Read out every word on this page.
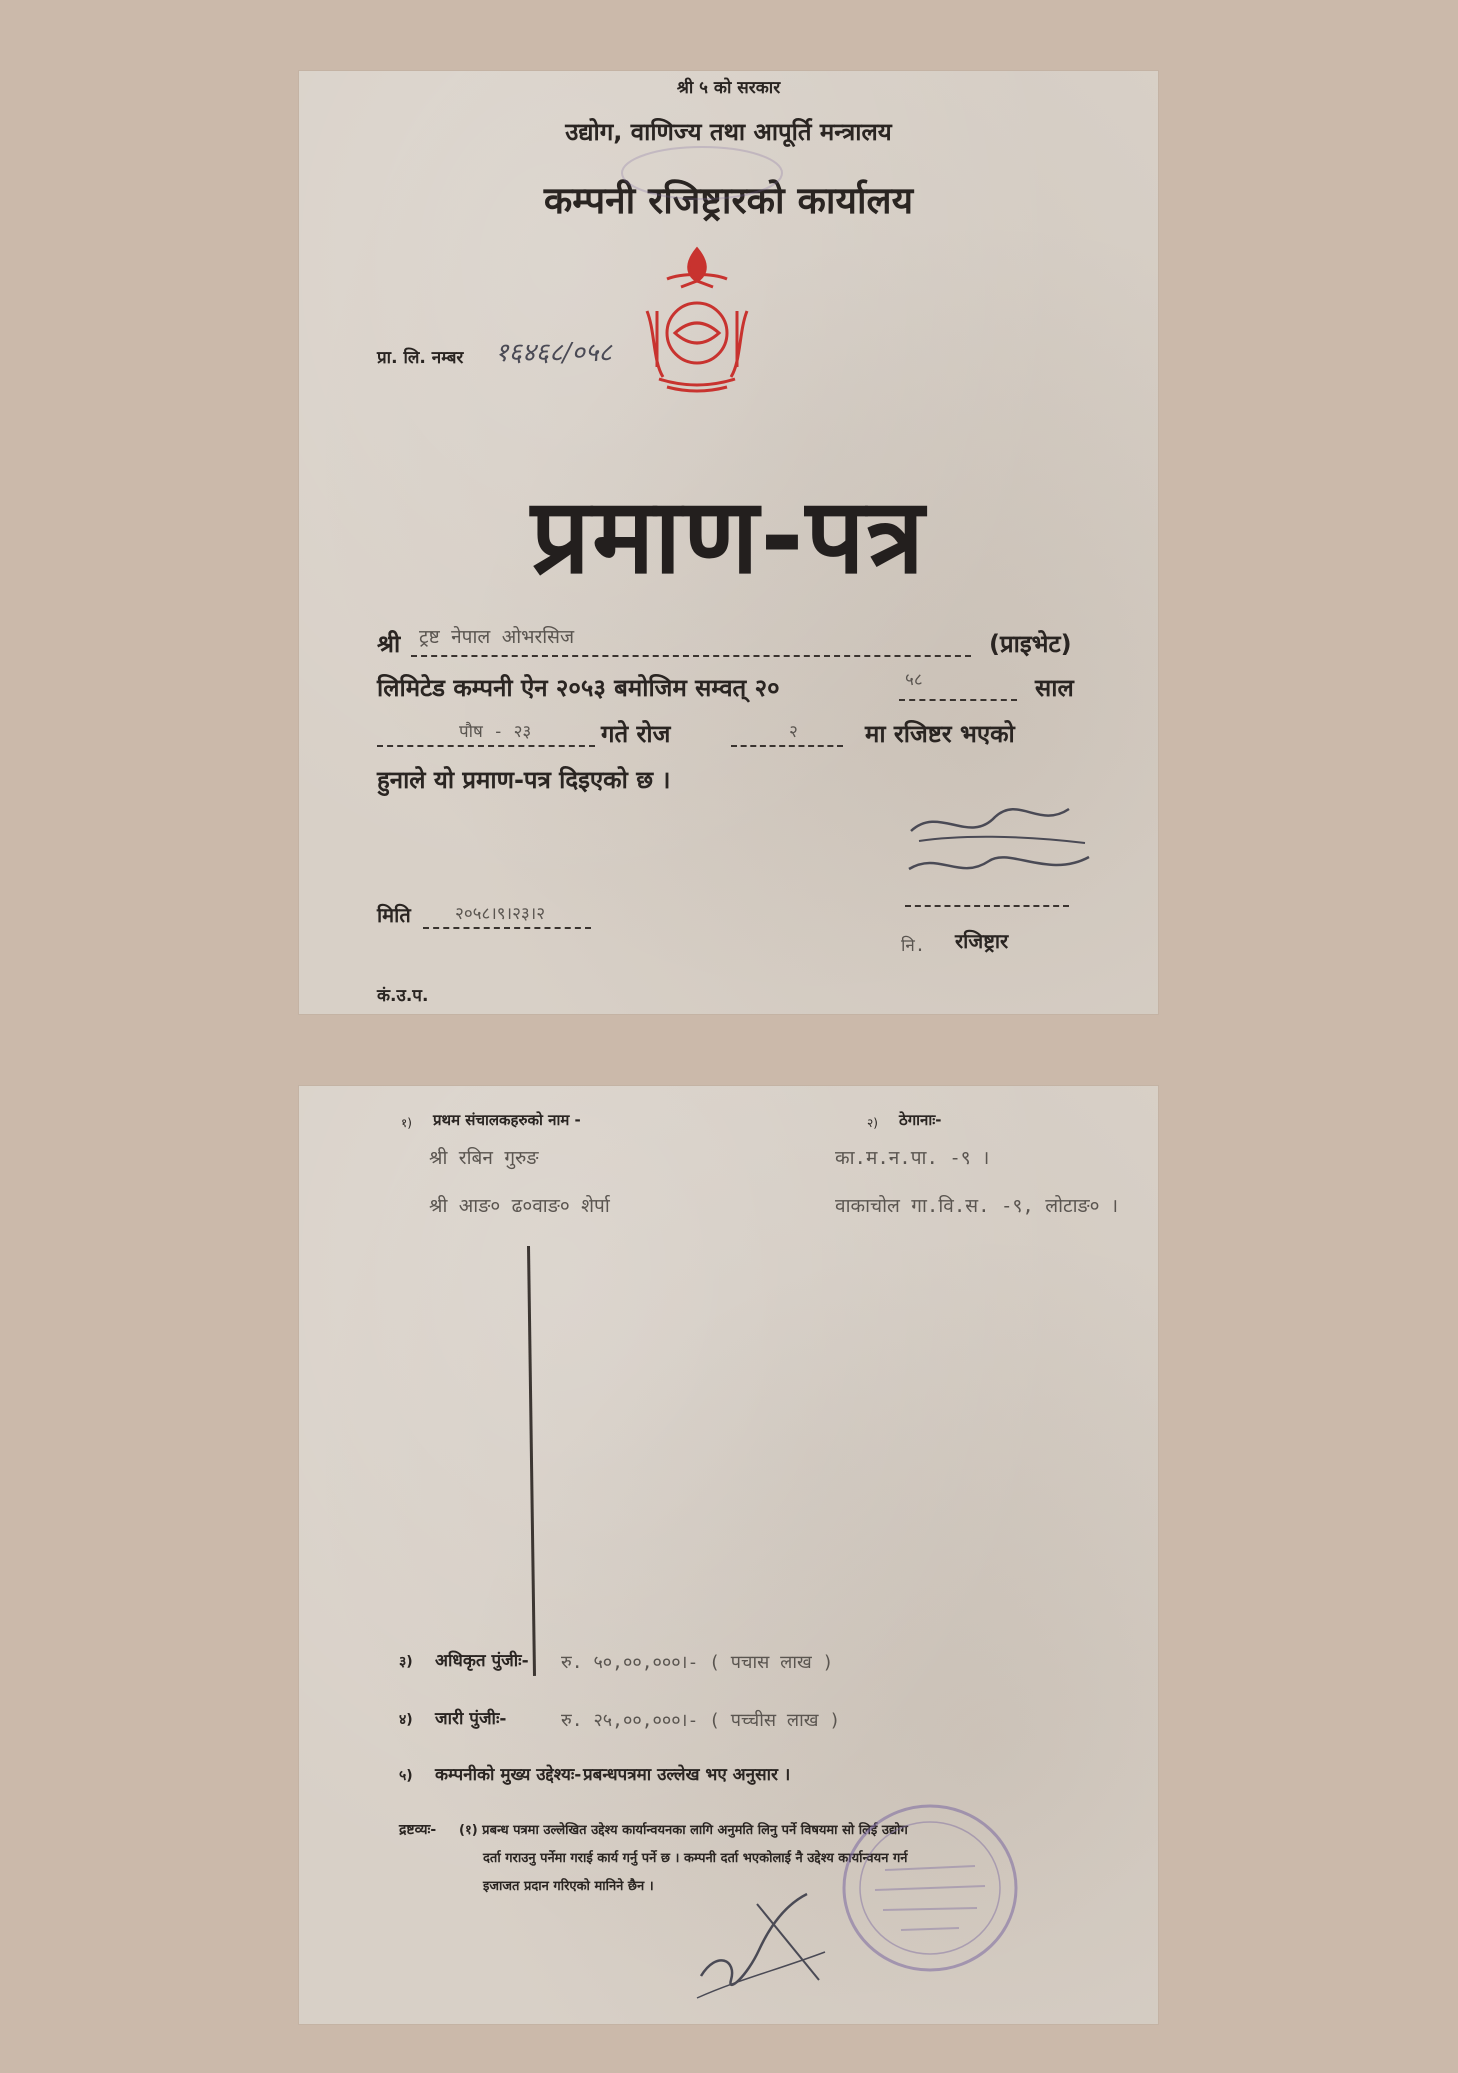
श्री ५ को सरकार
उद्योग, वाणिज्य तथा आपूर्ति मन्त्रालय
कम्पनी रजिष्ट्रारको कार्यालय
प्रा. लि. नम्बर १६४६८/०५८
प्रमाण-पत्र
श्री ट्रष्ट नेपाल ओभरसिज	(प्राइभेट)
लिमिटेड कम्पनी ऐन २०५३ बमोजिम सम्वत् २०	५८	साल
पौष - २३	गते रोज	२	मा रजिष्टर भएको
हुनाले यो प्रमाण-पत्र दिइएको छ ।
मिति	२०५८।९।२३।२
नि. रजिष्ट्रार
कं.उ.प.
१) प्रथम संचालकहरुको नाम -	२) ठेगानाः-
श्री रबिन गुरुङ	का.म.न.पा. -९ ।
श्री आङ० ढ०वाङ० शेर्पा	वाकाचोल गा.वि.स. -९, लोटाङ० ।
३) अधिकृत पुंजीः- रु. ५०,००,०००।- ( पचास लाख )
४) जारी पुंजीः-	रु. २५,००,०००।- ( पच्चीस लाख )
५) कम्पनीको मुख्य उद्देश्यः- प्रबन्धपत्रमा उल्लेख भए अनुसार ।
द्रष्टव्यः- (१) प्रबन्ध पत्रमा उल्लेखित उद्देश्य कार्यान्वयनका लागि अनुमति लिनु पर्ने विषयमा सो लिई उद्योग
दर्ता गराउनु पर्नेमा गराई कार्य गर्नु पर्ने छ । कम्पनी दर्ता भएकोलाई नै उद्देश्य कार्यान्वयन गर्न
इजाजत प्रदान गरिएको मानिने छैन ।
